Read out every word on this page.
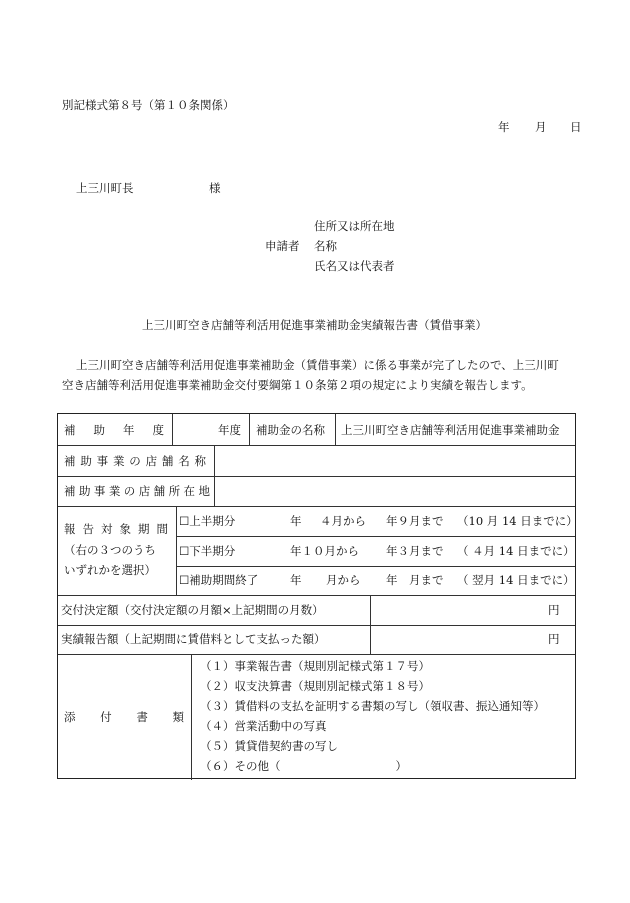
別記様式第８号（第１０条関係）
年 月 日
上三川町長	様
住所又は所在地
申請者 名称
氏名又は代表者
上三川町空き店舗等利活用促進事業補助金実績報告書（賃借事業）
上三川町空き店舗等利活用促進事業補助金（賃借事業）に係る事業が完了したので、上三川町
空き店舗等利活用促進事業補助金交付要綱第１０条第２項の規定により実績を報告します。
補 助 年 度	年度 補助金の名称 上三川町空き店舗等利活用促進事業補助金
補 助 事 業 の 店 舗 名 称
補 助 事 業 の 店 舗 所 在 地
報 告 対 象 期 間
（右の３つのうち
いずれかを選択）
☐上半期分	年 ４月から 年９月まで （10 月 14 日までに）
☐下半期分	年１０月から 年３月まで （ ４月 14 日までに）
☐補助期間終了	年 月から 年　月まで （ 翌月 14 日までに）
交付決定額（交付決定額の月額×上記期間の月数）	円
実績報告額（上記期間に賃借料として支払った額）	円
添 付 書 類
（１）事業報告書（規則別記様式第１７号）
（２）収支決算書（規則別記様式第１８号）
（３）賃借料の支払を証明する書類の写し（領収書、振込通知等）
（４）営業活動中の写真
（５）賃貸借契約書の写し
（６）その他（　　　　　　　　　　）
